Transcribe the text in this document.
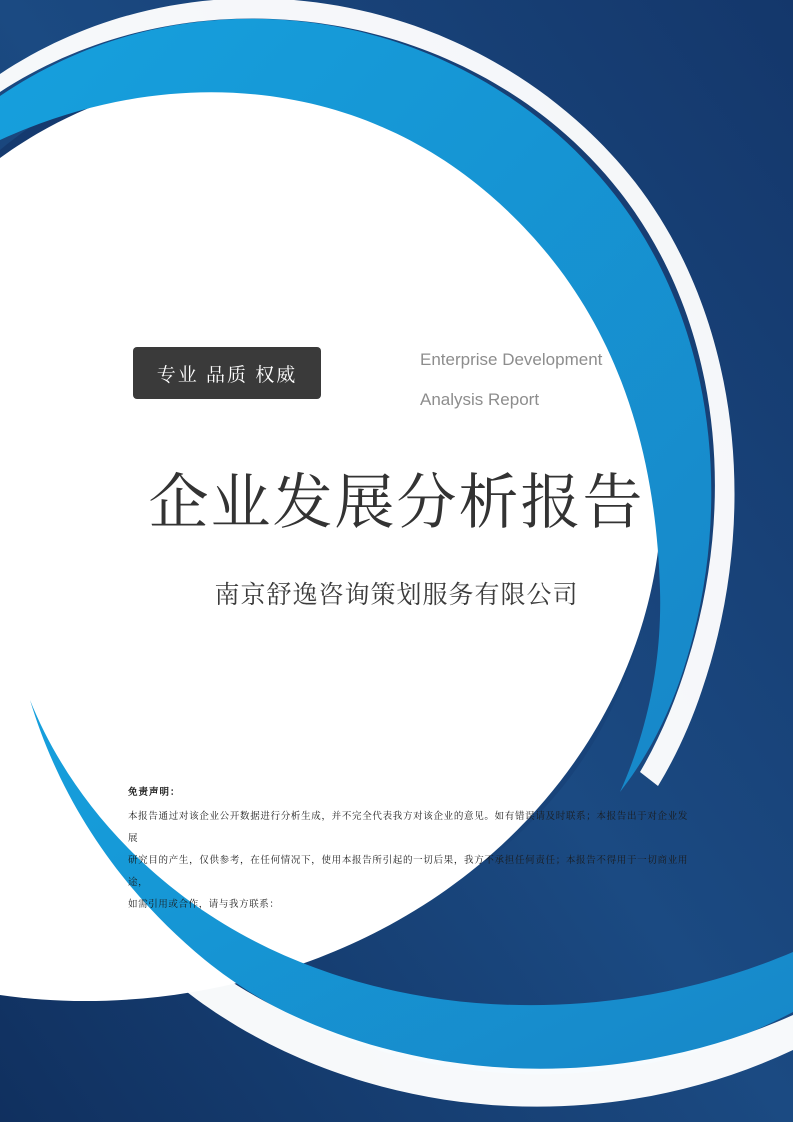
专业 品质 权威
Enterprise Development
Analysis Report
企业发展分析报告
南京舒逸咨询策划服务有限公司
免责声明：

本报告通过对该企业公开数据进行分析生成，并不完全代表我方对该企业的意见。如有错误请及时联系；本报告出于对企业发展

研究目的产生，仅供参考，在任何情况下，使用本报告所引起的一切后果，我方不承担任何责任；本报告不得用于一切商业用途，

如需引用或合作，请与我方联系：
